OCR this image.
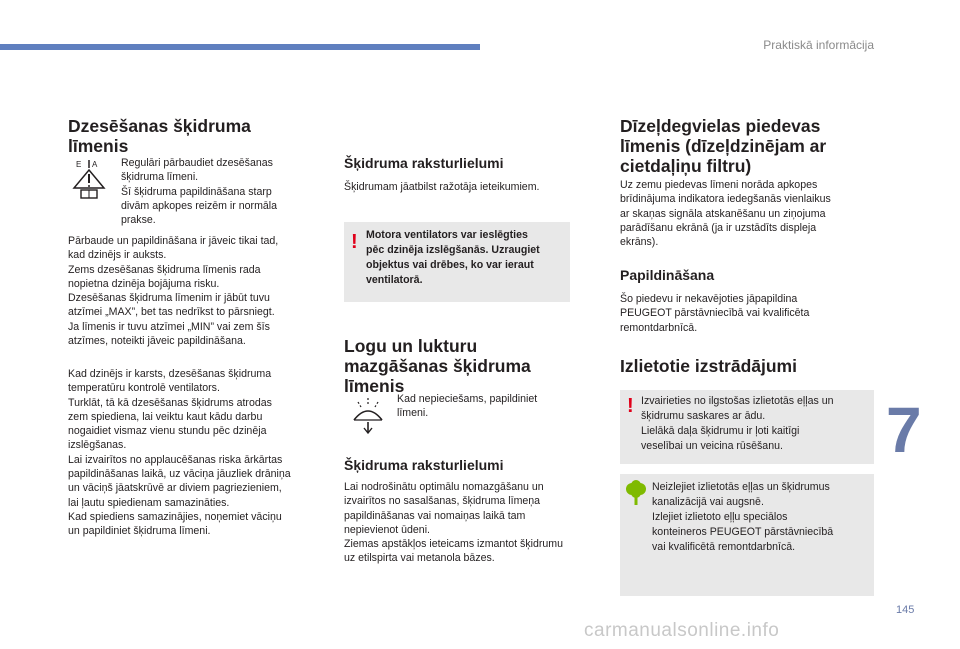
Praktiskā informācija
Dzesēšanas šķidruma
līmenis
E A Regulāri pārbaudiet dzesēšanas
šķidruma līmeni.
Šī šķidruma papildināšana starp
divām apkopes reizēm ir normāla
prakse.

Pārbaude un papildināšana ir jāveic tikai tad,
kad dzinējs ir auksts.
Zems dzesēšanas šķidruma līmenis rada
nopietna dzinēja bojājuma risku.
Dzesēšanas šķidruma līmenim ir jābūt tuvu
atzīmei „MAX”, bet tas nedrīkst to pārsniegt.
Ja līmenis ir tuvu atzīmei „MIN” vai zem šīs
atzīmes, noteikti jāveic papildināšana.

Kad dzinējs ir karsts, dzesēšanas šķidruma
temperatūru kontrolē ventilators.
Turklāt, tā kā dzesēšanas šķidrums atrodas
zem spiediena, lai veiktu kaut kādu darbu
nogaidiet vismaz vienu stundu pēc dzinēja
izslēgšanas.
Lai izvairītos no applaucēšanas riska ārkārtas
papildināšanas laikā, uz vāciņa jāuzliek drāniņa
un vāciņš jāatskrūvē ar diviem pagriezieniem,
lai ļautu spiedienam samazināties.
Kad spiediens samazinājies, noņemiet vāciņu
un papildiniet šķidruma līmeni.

Šķidruma raksturlielumi

Šķidrumam jāatbilst ražotāja ieteikumiem.

! Motora ventilators var ieslēgties
pēc dzinēja izslēgšanās. Uzraugiet
objektus vai drēbes, ko var ieraut
ventilatorā.
Logu un lukturu
mazgāšanas šķidruma
līmenis

Kad nepieciešams, papildiniet
līmeni.

Šķidruma raksturlielumi

Lai nodrošinātu optimālu nomazgāšanu un
izvairītos no sasalšanas, šķidruma līmeņa
papildināšanas vai nomaiņas laikā tam
nepievienot ūdeni.
Ziemas apstākļos ieteicams izmantot šķidrumu
uz etilspirta vai metanola bāzes.

Dīzeļdegvielas piedevas
līmenis (dīzeļdzinējam ar
cietdaļiņu filtru)

Uz zemu piedevas līmeni norāda apkopes
brīdinājuma indikatora iedegšanās vienlaikus
ar skaņas signāla atskanēšanu un ziņojuma
parādīšanu ekrānā (ja ir uzstādīts displeja
ekrāns).

Papildināšana

Šo piedevu ir nekavējoties jāpapildina
PEUGEOT pārstāvniecībā vai kvalificēta
remontdarbnīcā.

Izlietotie izstrādājumi
! Izvairieties no ilgstošas izlietotās eļļas un
šķidrumu saskares ar ādu.
Lielākā daļa šķidrumu ir ļoti kaitīgi
veselībai un veicina rūsēšanu.
Neizlejiet izlietotās eļļas un šķidrumus
kanalizācijā vai augsnē.
Izlejiet izlietoto eļļu speciālos
konteineros PEUGEOT pārstāvniecībā
vai kvalificētā remontdarbnīcā.
7
145
carmanualsonline.info
